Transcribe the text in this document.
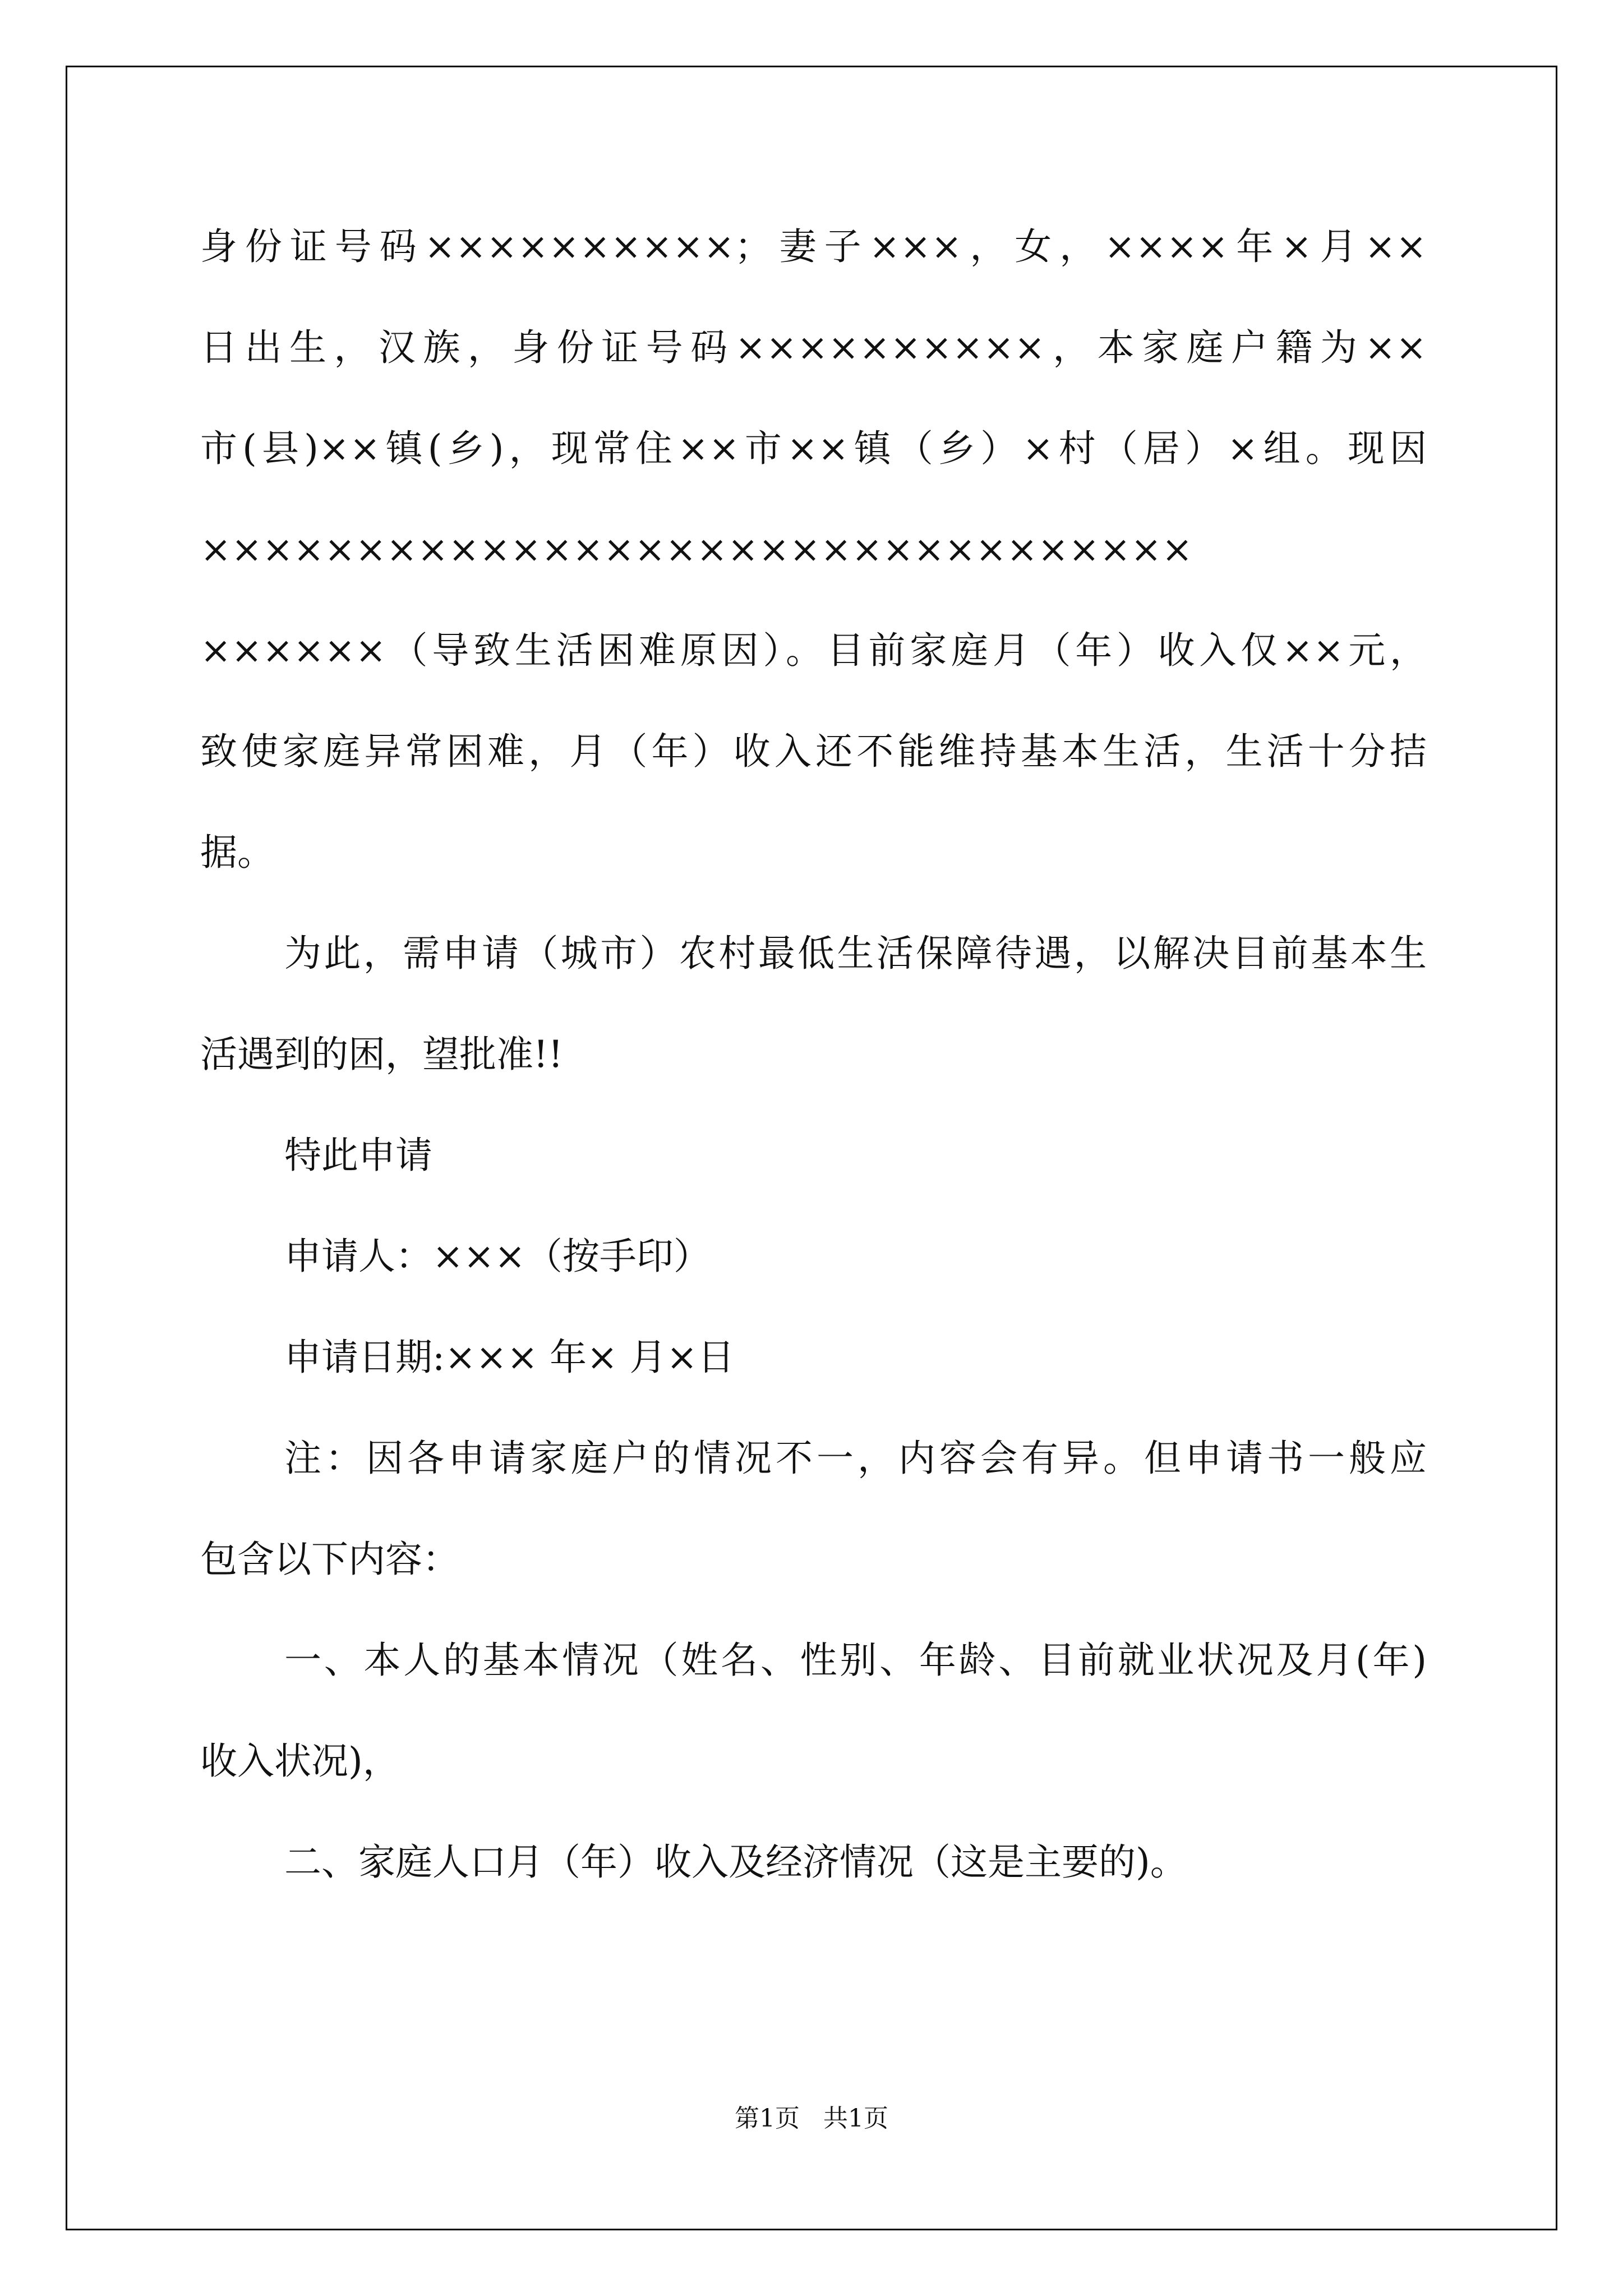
身份证号码××××××××××；妻子×××，女，××××年×月××
日出生，汉族，身份证号码××××××××××，本家庭户籍为××
市(县)××镇(乡)，现常住××市××镇（乡）×村（居）×组。现因
××××××××××××××××××××××××××××××××
××××××（导致生活困难原因）。目前家庭月（年）收入仅××元，
致使家庭异常困难，月（年）收入还不能维持基本生活，生活十分拮
据。
为此，需申请（城市）农村最低生活保障待遇，以解决目前基本生
活遇到的困，望批准!!
特此申请
申请人：×××（按手印）
申请日期:××× 年× 月×日
注：因各申请家庭户的情况不一，内容会有异。但申请书一般应
包含以下内容：
一、本人的基本情况（姓名、性别、年龄、目前就业状况及月(年)
收入状况)，
二、家庭人口月（年）收入及经济情况（这是主要的)。
第1页   共1页
